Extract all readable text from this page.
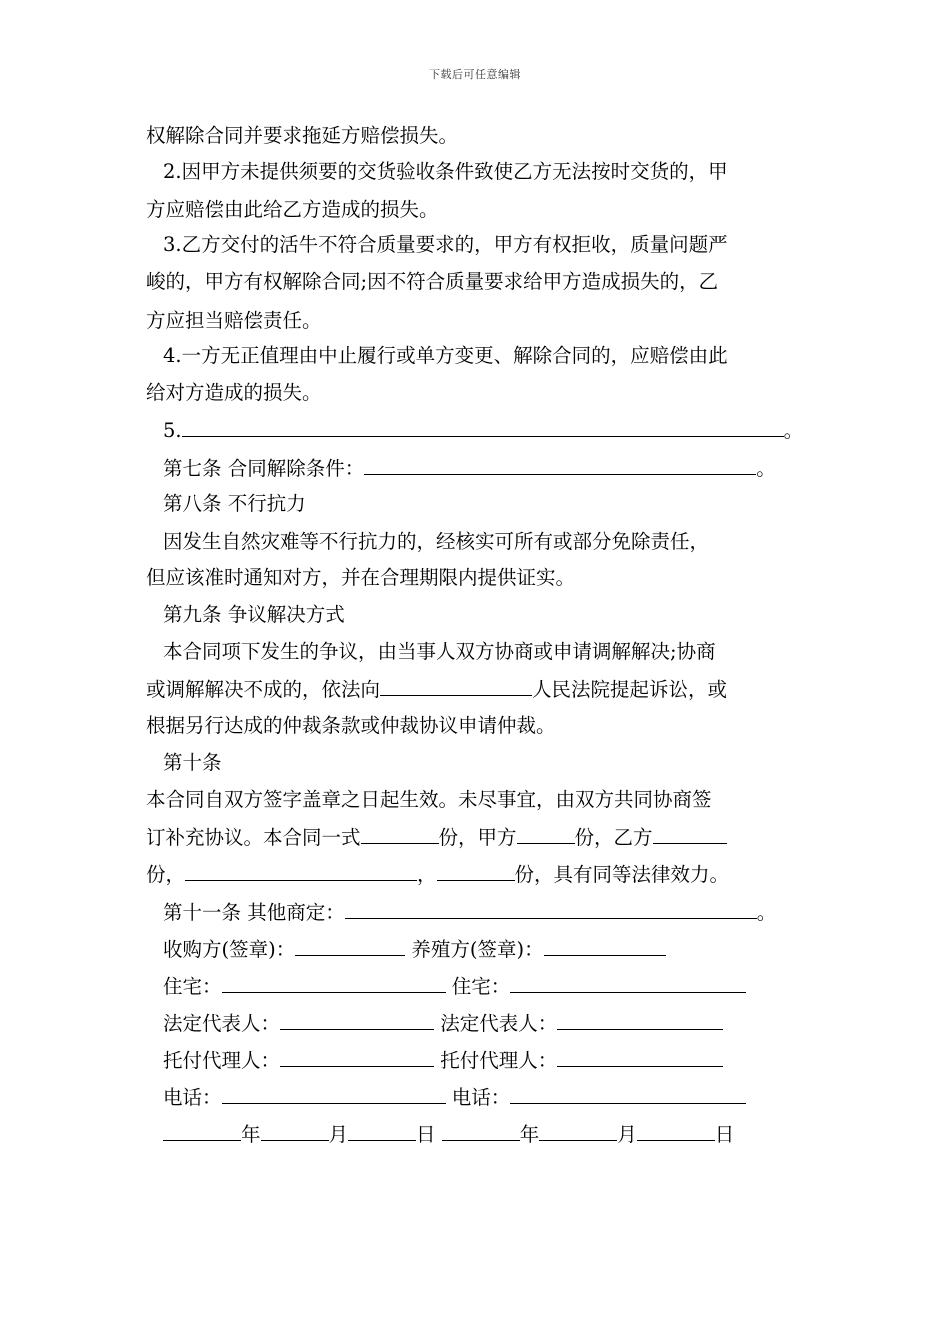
下载后可任意编辑
权解除合同并要求拖延方赔偿损失。
2.因甲方未提供须要的交货验收条件致使乙方无法按时交货的，甲
方应赔偿由此给乙方造成的损失。
3.乙方交付的活牛不符合质量要求的，甲方有权拒收，质量问题严
峻的，甲方有权解除合同;因不符合质量要求给甲方造成损失的，乙
方应担当赔偿责任。
4.一方无正值理由中止履行或单方变更、解除合同的，应赔偿由此
给对方造成的损失。
5.	。
第七条 合同解除条件：	。
第八条 不行抗力
因发生自然灾难等不行抗力的，经核实可所有或部分免除责任，
但应该准时通知对方，并在合理期限内提供证实。
第九条 争议解决方式
本合同项下发生的争议，由当事人双方协商或申请调解解决;协商
或调解解决不成的，依法向	人民法院提起诉讼，或
根据另行达成的仲裁条款或仲裁协议申请仲裁。
第十条
本合同自双方签字盖章之日起生效。未尽事宜，由双方共同协商签
订补充协议。本合同一式	份，甲方	份，乙方
份，	，	份，具有同等法律效力。
第十一条 其他商定：	。
收购方(签章)：	养殖方(签章)：
住宅：	住宅：
法定代表人：	法定代表人：
托付代理人：	托付代理人：
电话：	电话：
年	月	日	年	月	日
